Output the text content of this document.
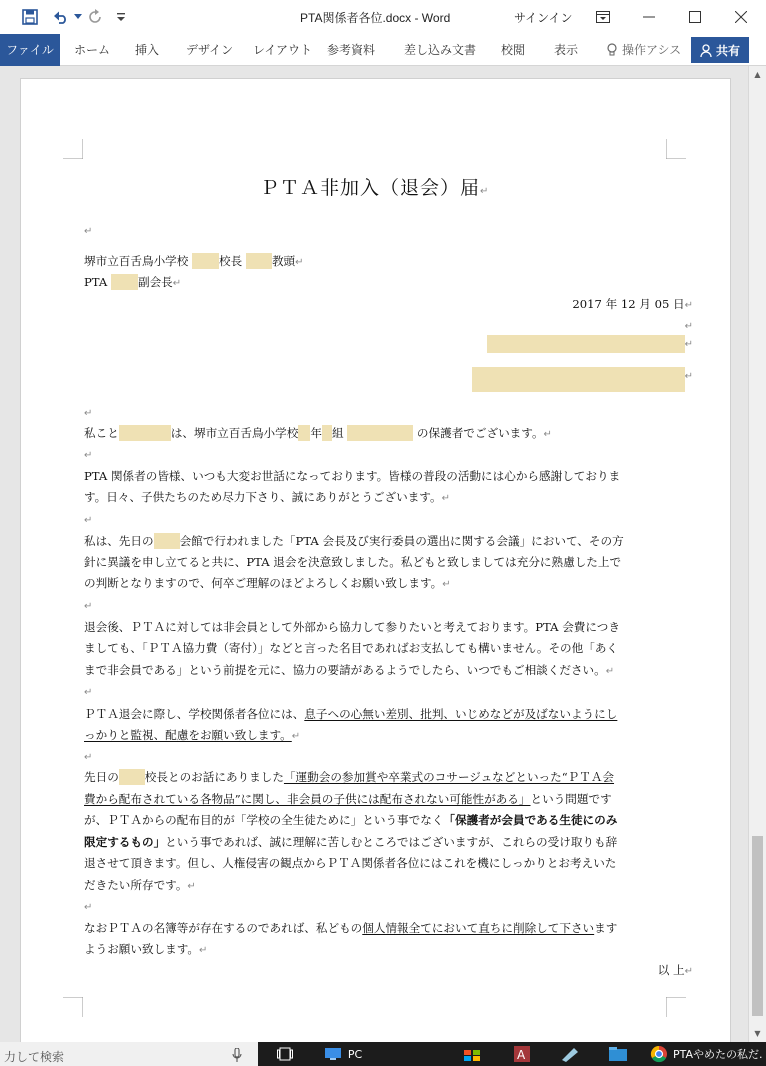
PTA関係者各位.docx - Word	サインイン
ファイル	ホーム 挿入 デザイン レイアウト 参考資料 差し込み文書 校閲 表示	操作アシス	共有
ＰＴＡ非加入（退会）届↵
↵
堺市立百舌鳥小学校	校長	教頭↵
PTA	副会長↵
2017 年 12 月 05 日↵
↵
↵
↵
↵
私こと	は、堺市立百舌鳥小学校 年 組	の保護者でございます。↵
↵
PTA 関係者の皆様、いつも大変お世話になっております。皆様の普段の活動には心から感謝しておりま
す。日々、子供たちのため尽力下さり、誠にありがとうございます。↵
↵
私は、先日の 会館で行われました「PTA 会長及び実行委員の選出に関する会議」において、その方
針に異議を申し立てると共に、PTA 退会を決意致しました。私どもと致しましては充分に熟慮した上で
の判断となりますので、何卒ご理解のほどよろしくお願い致します。↵
↵
退会後、ＰＴＡに対しては非会員として外部から協力して参りたいと考えております。PTA 会費につき
ましても、「ＰＴＡ協力費（寄付）」などと言った名目であればお支払しても構いません。その他「あく
まで非会員である」という前提を元に、協力の要請があるようでしたら、いつでもご相談ください。↵
↵
ＰＴＡ退会に際し、学校関係者各位には、息子への心無い差別、批判、いじめなどが及ばないようにし
っかりと監視、配慮をお願い致します。↵
↵
先日の 校長とのお話にありました「運動会の参加賞や卒業式のコサージュなどといった“ＰＴＡ会
費から配布されている各物品”に関し、非会員の子供には配布されない可能性がある」という問題です
が、ＰＴＡからの配布目的が「学校の全生徒ために」という事でなく「保護者が会員である生徒にのみ
限定するもの」という事であれば、誠に理解に苦しむところではございますが、これらの受け取りも辞
退させて頂きます。但し、人権侵害の観点からＰＴＡ関係者各位にはこれを機にしっかりとお考えいた
だきたい所存です。↵
↵
なおＰＴＡの名簿等が存在するのであれば、私どもの個人情報全てにおいて直ちに削除して下さいます
ようお願い致します。↵
以 上↵
▲
▼
力して検索	PC	A	PTAやめたの私だ.
